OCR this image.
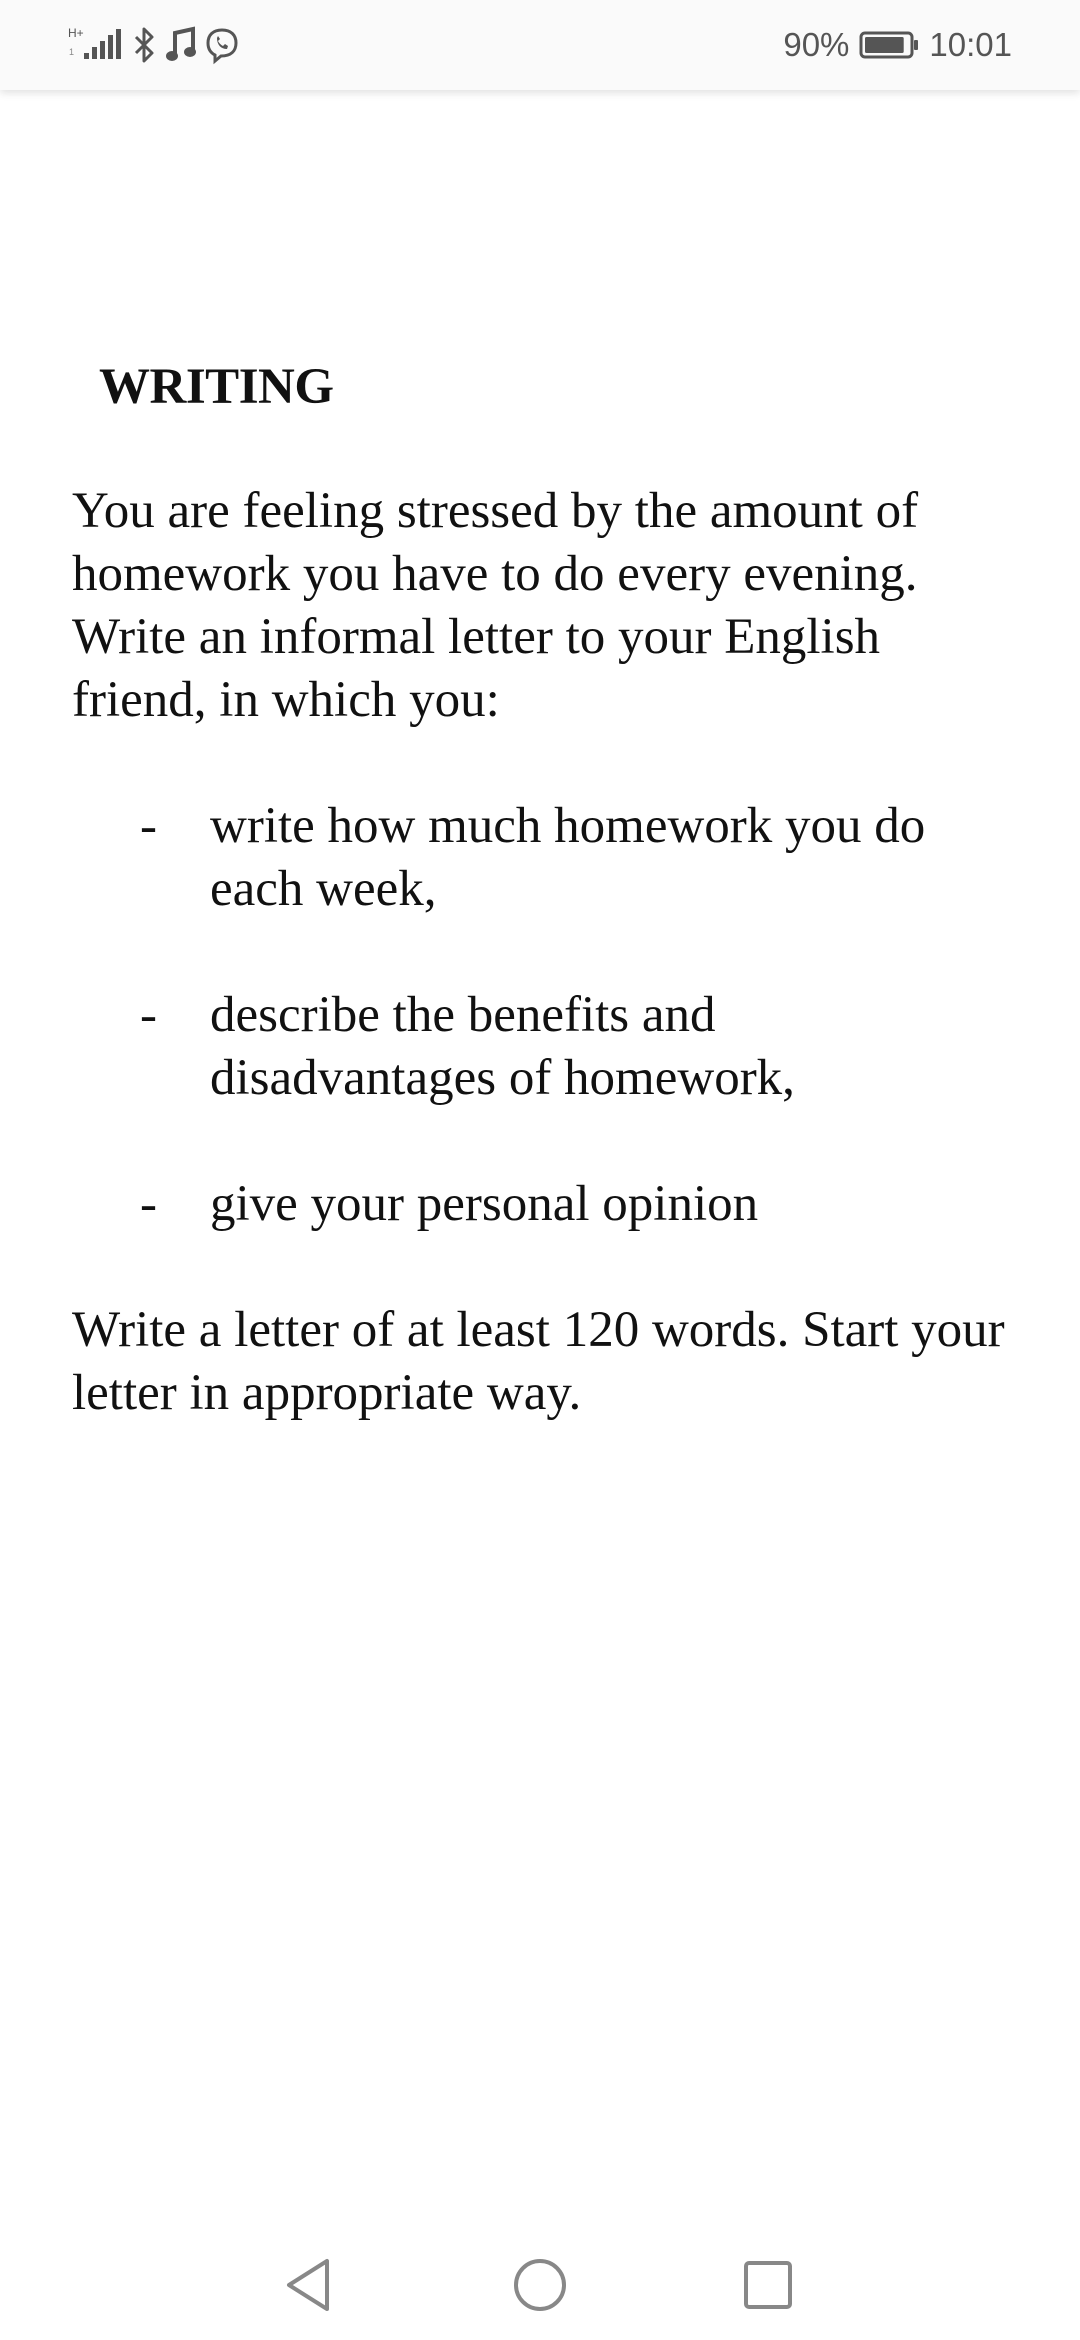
H+
1	90% 10:01
WRITING

You are feeling stressed by the amount of homework you have to do every evening. Write an informal letter to your English friend, in which you:

- write how much homework you do each week,
- describe the benefits and disadvantages of homework,
- give your personal opinion

Write a letter of at least 120 words. Start your letter in appropriate way.
